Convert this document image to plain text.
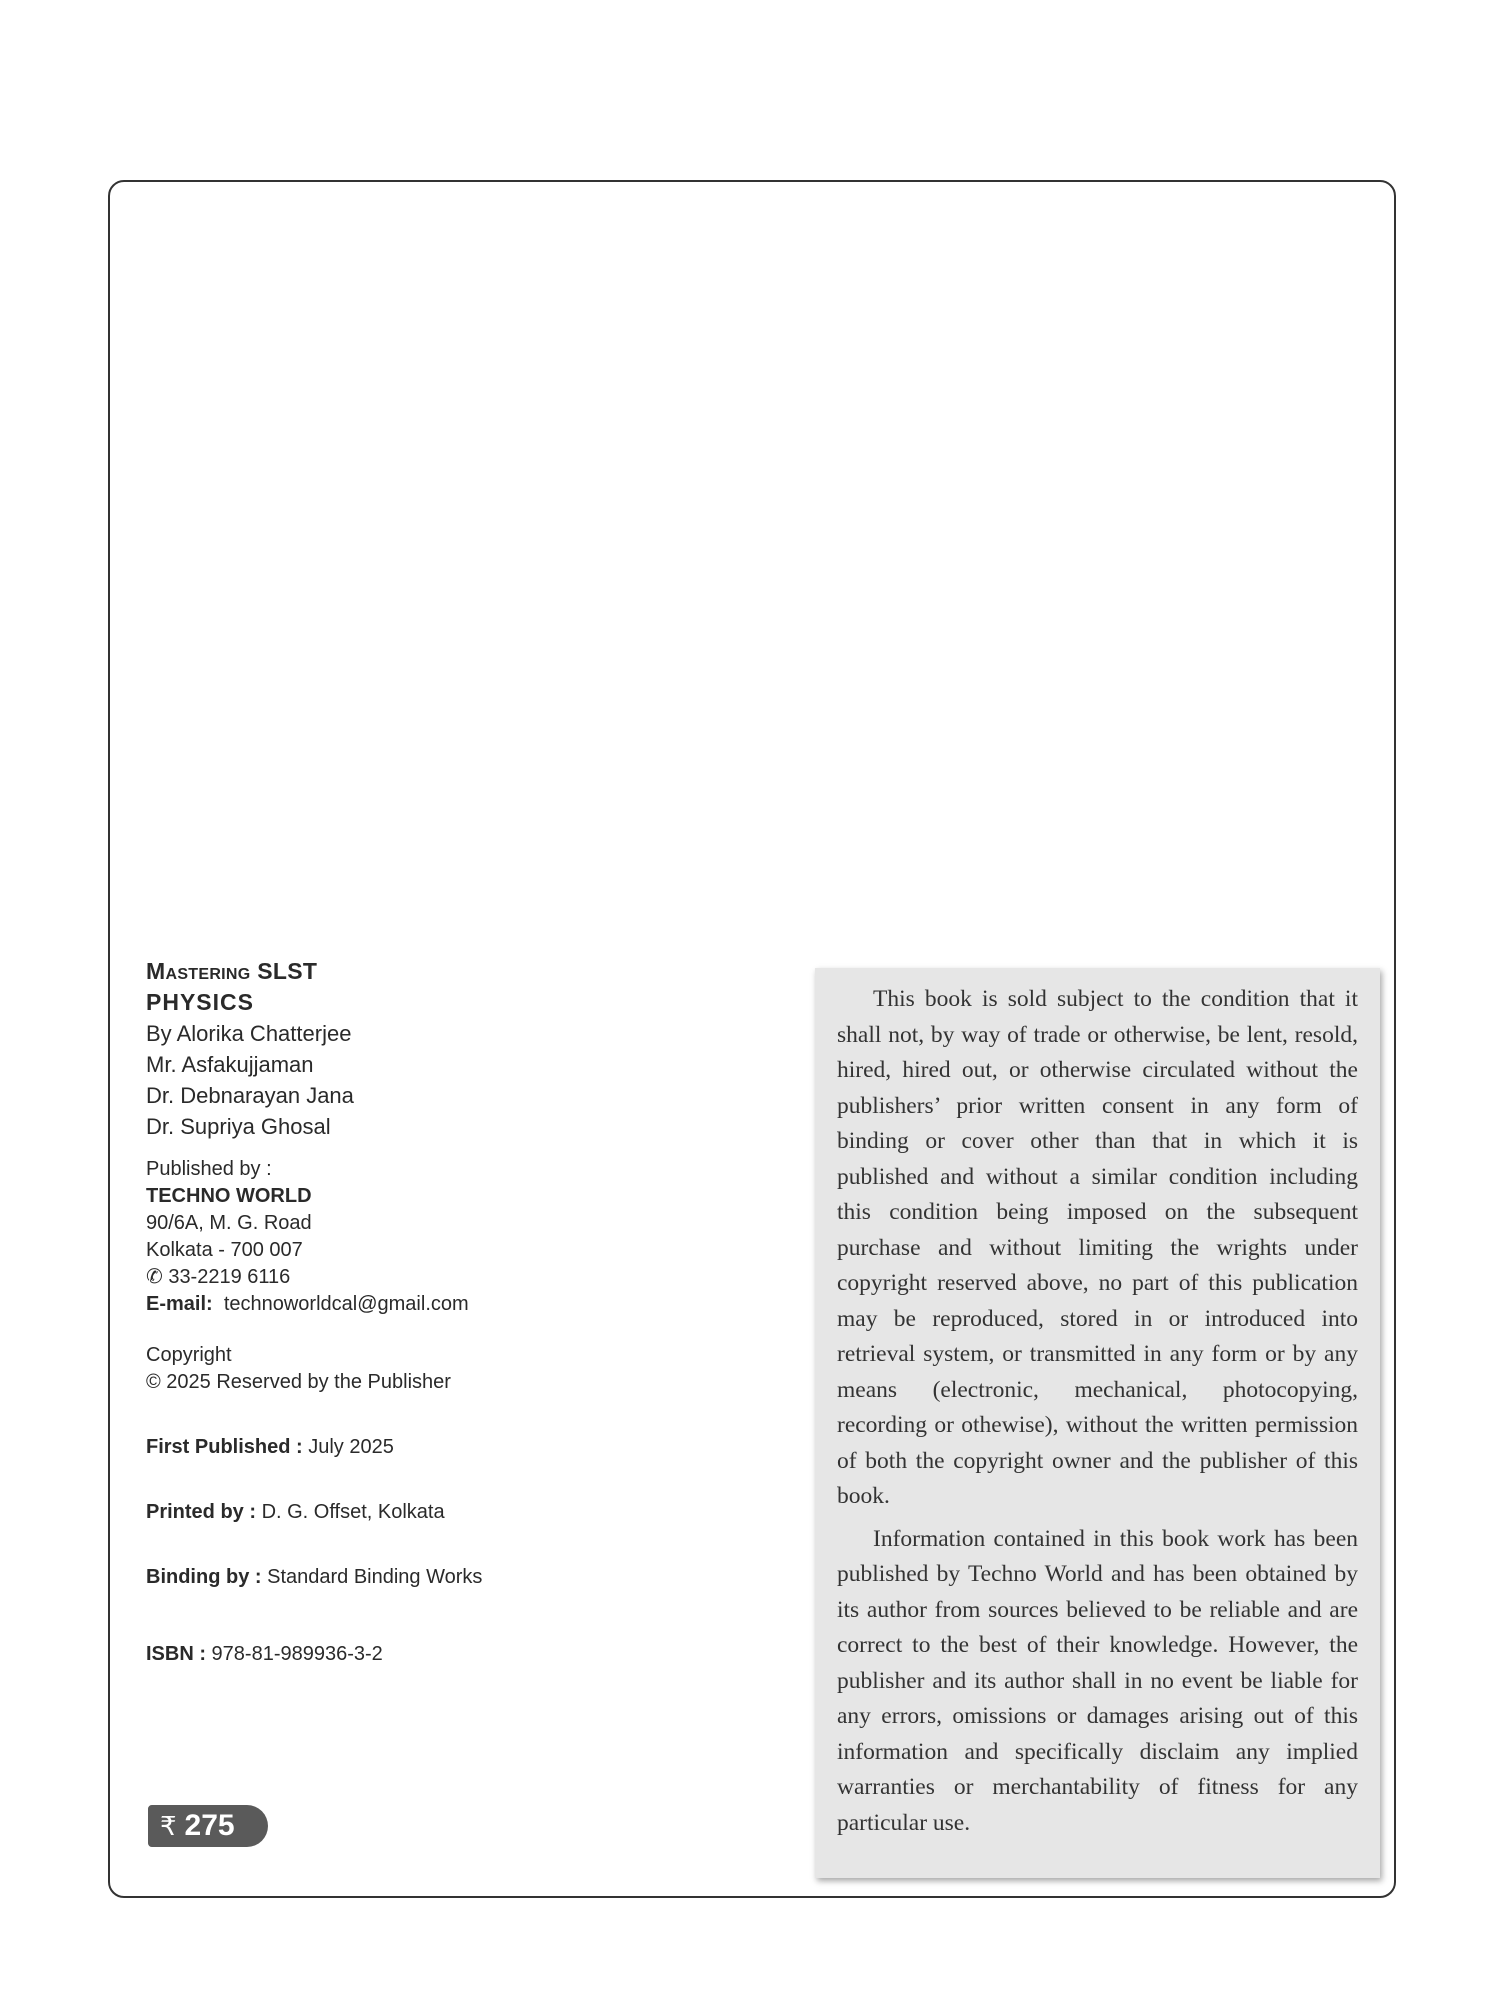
Mastering SLST
PHYSICS
By Alorika Chatterjee
Mr. Asfakujjaman
Dr. Debnarayan Jana
Dr. Supriya Ghosal
Published by :
TECHNO WORLD
90/6A, M. G. Road
Kolkata - 700 007
✆ 33-2219 6116
E-mail: technoworldcal@gmail.com
Copyright
© 2025 Reserved by the Publisher
First Published : July 2025
Printed by : D. G. Offset, Kolkata
Binding by : Standard Binding Works
ISBN : 978-81-989936-3-2
₹ 275

This book is sold subject to the condition that it shall not, by way of trade or otherwise, be lent, resold, hired, hired out, or otherwise circulated without the publishers’ prior written consent in any form of binding or cover other than that in which it is published and without a similar condition including this condition being imposed on the subsequent purchase and without limiting the wrights under copyright reserved above, no part of this publication may be reproduced, stored in or introduced into retrieval system, or transmitted in any form or by any means (electronic, mechanical, photocopying, recording or othewise), without the written permission of both the copyright owner and the publisher of this book.

Information contained in this book work has been published by Techno World and has been obtained by its author from sources believed to be reliable and are correct to the best of their knowledge. However, the publisher and its author shall in no event be liable for any errors, omissions or damages arising out of this information and specifically disclaim any implied warranties or merchantability of fitness for any particular use.
